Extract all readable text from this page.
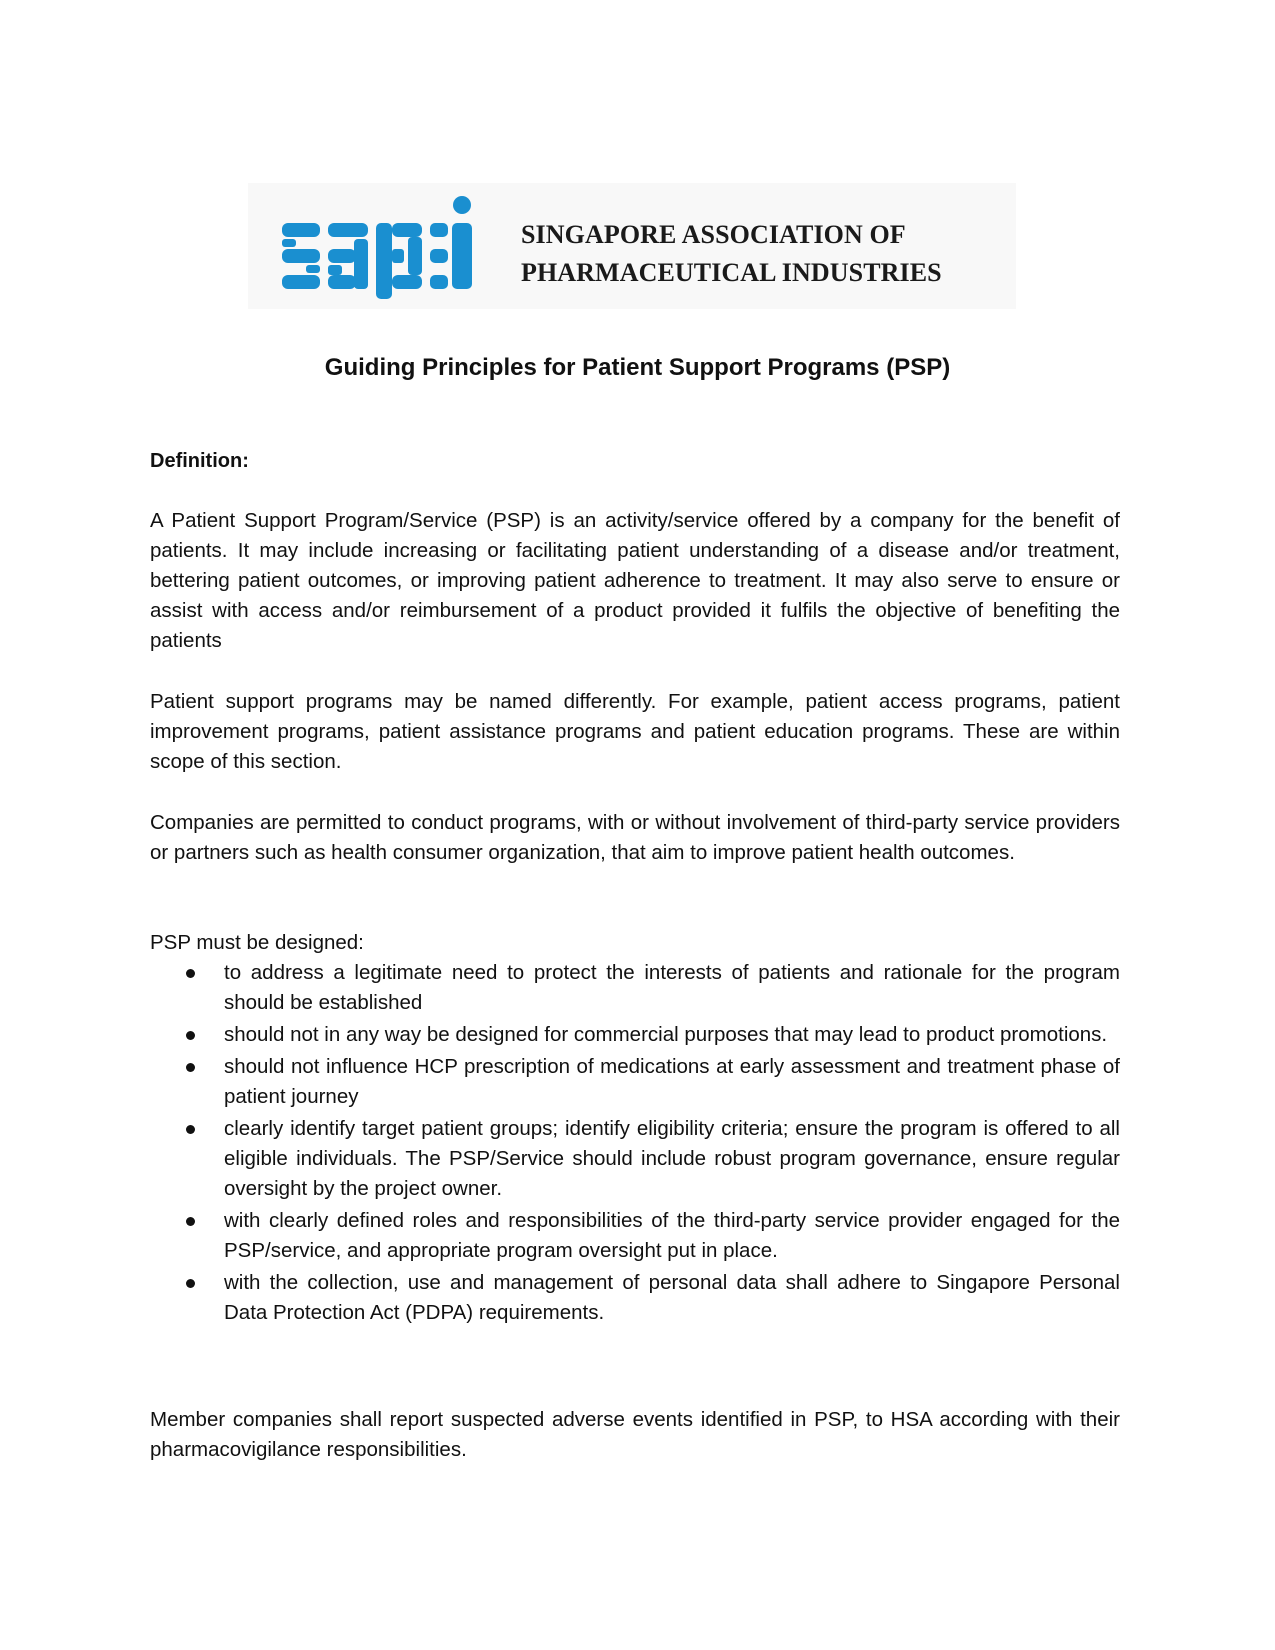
SINGAPORE ASSOCIATION OF
PHARMACEUTICAL INDUSTRIES
Guiding Principles for Patient Support Programs (PSP)
Definition:

A Patient Support Program/Service (PSP) is an activity/service offered by a company for the benefit of patients. It may include increasing or facilitating patient understanding of a disease and/or treatment, bettering patient outcomes, or improving patient adherence to treatment. It may also serve to ensure or assist with access and/or reimbursement of a product provided it fulfils the objective of benefiting the patients

Patient support programs may be named differently. For example, patient access programs, patient improvement programs, patient assistance programs and patient education programs. These are within scope of this section.

Companies are permitted to conduct programs, with or without involvement of third-party service providers or partners such as health consumer organization, that aim to improve patient health outcomes.

PSP must be designed:

to address a legitimate need to protect the interests of patients and rationale for the program should be established
should not in any way be designed for commercial purposes that may lead to product promotions.
should not influence HCP prescription of medications at early assessment and treatment phase of patient journey
clearly identify target patient groups; identify eligibility criteria; ensure the program is offered to all eligible individuals. The PSP/Service should include robust program governance, ensure regular oversight by the project owner.
with clearly defined roles and responsibilities of the third-party service provider engaged for the PSP/service, and appropriate program oversight put in place.
with the collection, use and management of personal data shall adhere to Singapore Personal Data Protection Act (PDPA) requirements.

Member companies shall report suspected adverse events identified in PSP, to HSA according with their pharmacovigilance responsibilities.
